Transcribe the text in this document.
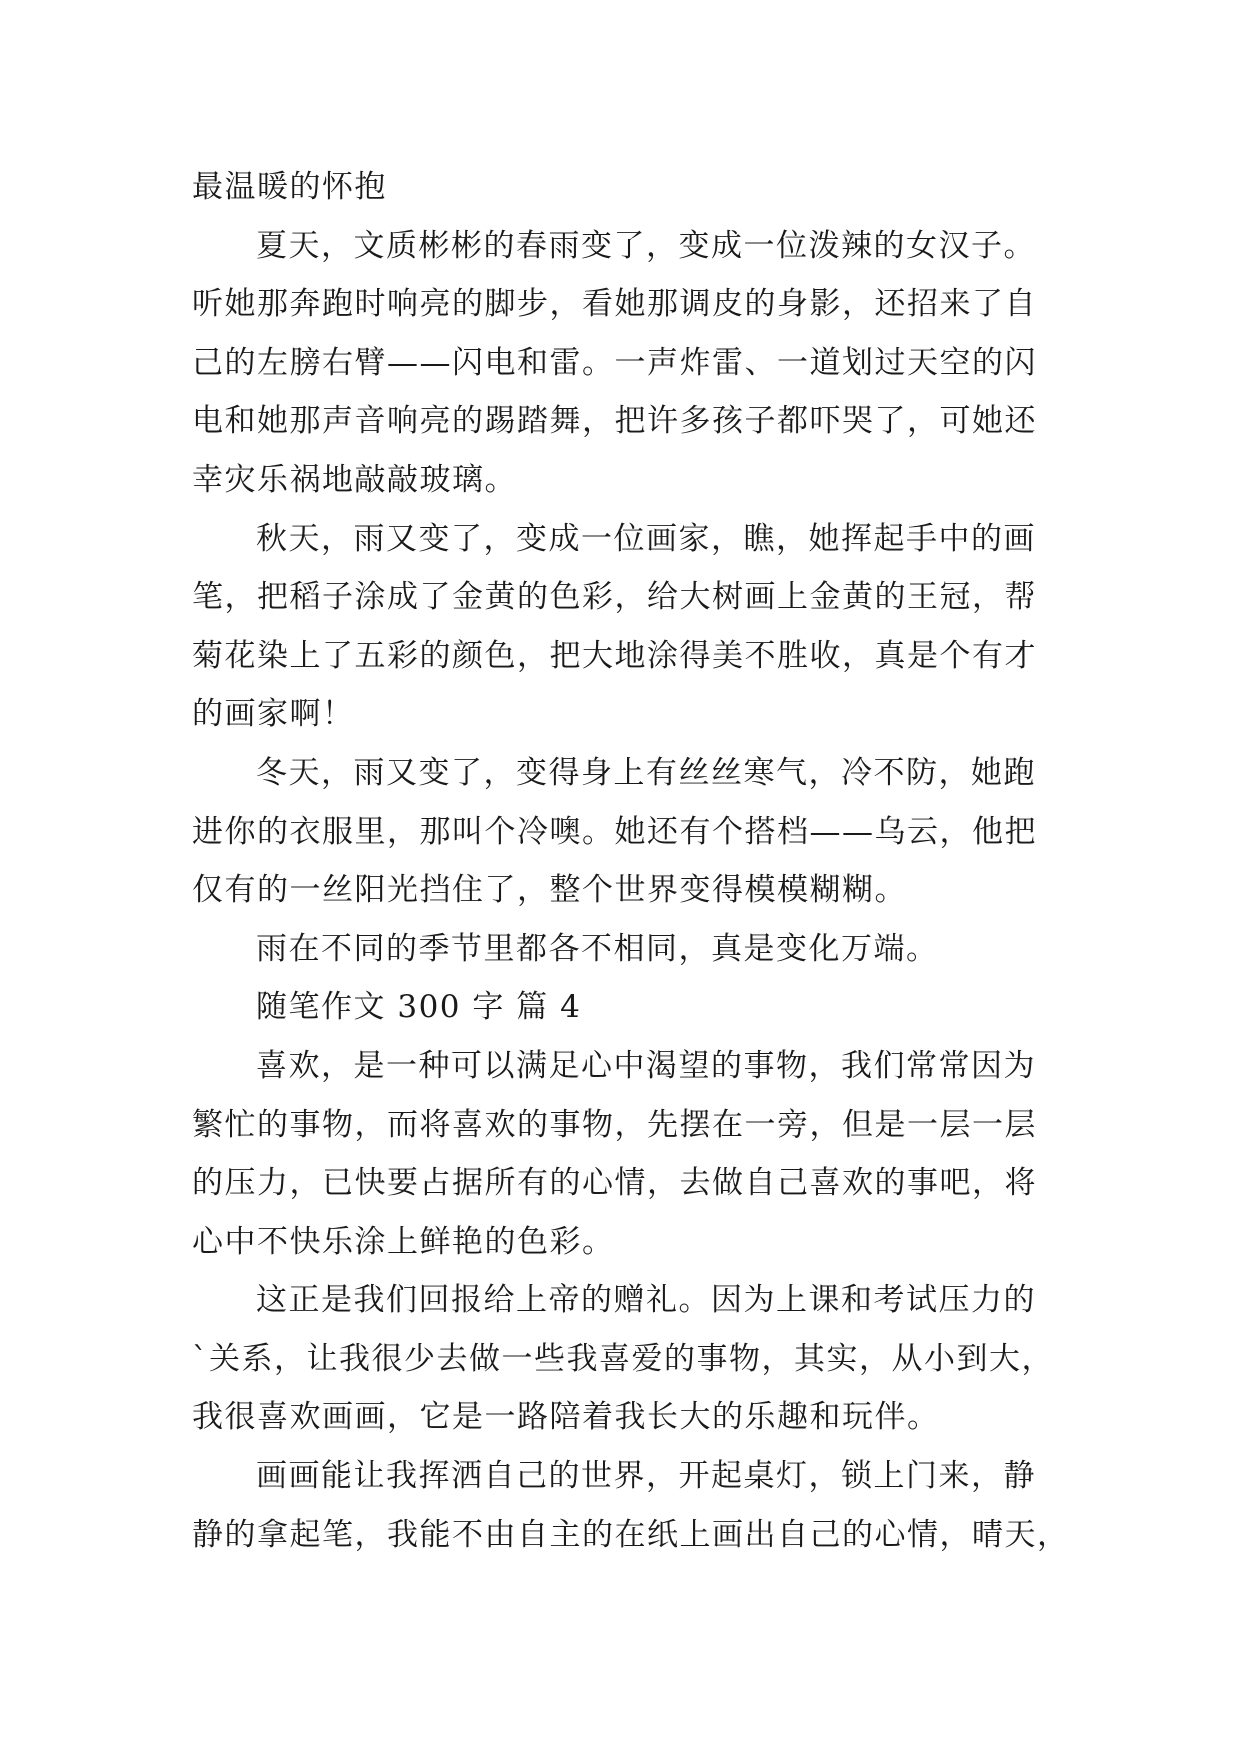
最温暖的怀抱
夏天，文质彬彬的春雨变了，变成一位泼辣的女汉子。
听她那奔跑时响亮的脚步，看她那调皮的身影，还招来了自
己的左膀右臂——闪电和雷。一声炸雷、一道划过天空的闪
电和她那声音响亮的踢踏舞，把许多孩子都吓哭了，可她还
幸灾乐祸地敲敲玻璃。
秋天，雨又变了，变成一位画家，瞧，她挥起手中的画
笔，把稻子涂成了金黄的色彩，给大树画上金黄的王冠，帮
菊花染上了五彩的颜色，把大地涂得美不胜收，真是个有才
的画家啊！
冬天，雨又变了，变得身上有丝丝寒气，冷不防，她跑
进你的衣服里，那叫个冷噢。她还有个搭档——乌云，他把
仅有的一丝阳光挡住了，整个世界变得模模糊糊。
雨在不同的季节里都各不相同，真是变化万端。
随笔作文 300 字 篇 4
喜欢，是一种可以满足心中渴望的事物，我们常常因为
繁忙的事物，而将喜欢的事物，先摆在一旁，但是一层一层
的压力，已快要占据所有的心情，去做自己喜欢的事吧，将
心中不快乐涂上鲜艳的色彩。
这正是我们回报给上帝的赠礼。因为上课和考试压力的
`关系，让我很少去做一些我喜爱的事物，其实，从小到大，
我很喜欢画画，它是一路陪着我长大的乐趣和玩伴。
画画能让我挥洒自己的世界，开起桌灯，锁上门来，静
静的拿起笔，我能不由自主的在纸上画出自己的心情，晴天，
